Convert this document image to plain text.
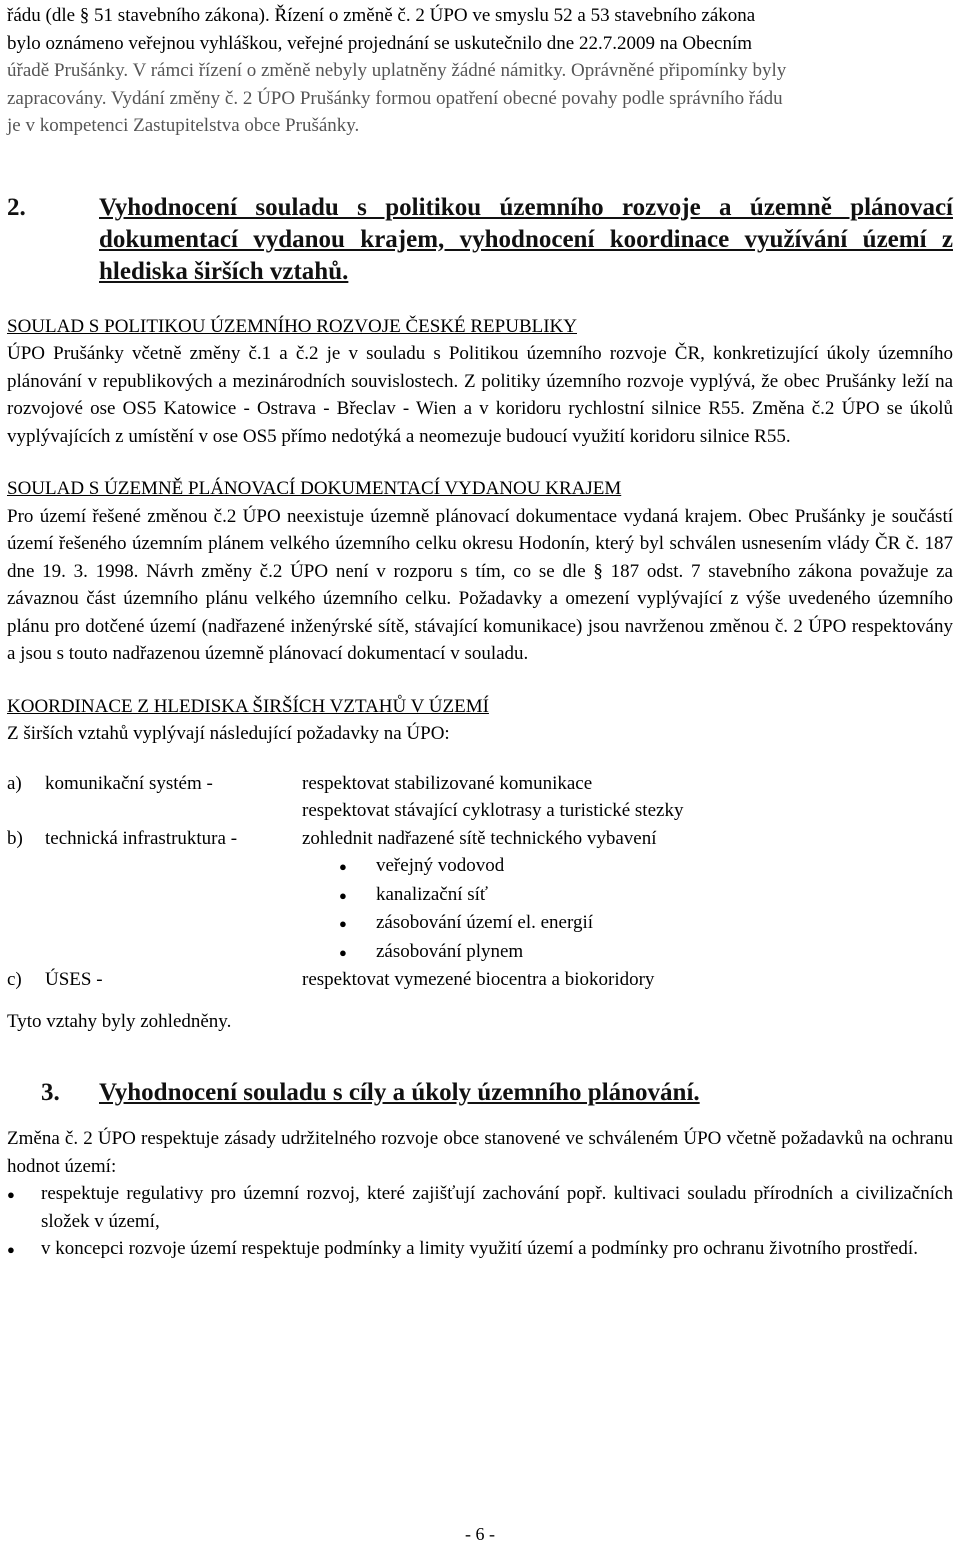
řádu (dle § 51 stavebního zákona). Řízení o změně č. 2 ÚPO ve smyslu 52 a 53 stavebního zákona
bylo oznámeno veřejnou vyhláškou, veřejné projednání se uskutečnilo dne 22.7.2009 na Obecním
úřadě Prušánky. V rámci řízení o změně nebyly uplatněny žádné námitky. Oprávněné připomínky byly
zapracovány. Vydání změny č. 2 ÚPO Prušánky formou opatření obecné povahy podle správního řádu
je v kompetenci Zastupitelstva obce Prušánky.

2.	Vyhodnocení souladu s politikou územního rozvoje a územně plánovací dokumentací vydanou krajem, vyhodnocení koordinace využívání území z hlediska širších vztahů.

SOULAD S POLITIKOU ÚZEMNÍHO ROZVOJE ČESKÉ REPUBLIKY

ÚPO Prušánky včetně změny č.1 a č.2 je v souladu s Politikou územního rozvoje ČR, konkretizující úkoly územního plánování v republikových a mezinárodních souvislostech. Z politiky územního rozvoje vyplývá, že obec Prušánky leží na rozvojové ose OS5 Katowice - Ostrava - Břeclav - Wien a v koridoru rychlostní silnice R55. Změna č.2 ÚPO se úkolů vyplývajících z umístění v ose OS5 přímo nedotýká a neomezuje budoucí využití koridoru silnice R55.

SOULAD S ÚZEMNĚ PLÁNOVACÍ DOKUMENTACÍ VYDANOU KRAJEM

Pro území řešené změnou č.2 ÚPO neexistuje územně plánovací dokumentace vydaná krajem. Obec Prušánky je součástí území řešeného územním plánem velkého územního celku okresu Hodonín, který byl schválen usnesením vlády ČR č. 187 dne 19. 3. 1998. Návrh změny č.2 ÚPO není v rozporu s tím, co se dle § 187 odst. 7 stavebního zákona považuje za závaznou část územního plánu velkého územního celku. Požadavky a omezení vyplývající z výše uvedeného územního plánu pro dotčené území (nadřazené inženýrské sítě, stávající komunikace) jsou navrženou změnou č. 2 ÚPO respektovány a jsou s touto nadřazenou územně plánovací dokumentací v souladu.

KOORDINACE Z HLEDISKA ŠIRŠÍCH VZTAHŮ V ÚZEMÍ

Z širších vztahů vyplývají následující požadavky na ÚPO:

a)	komunikační systém -	respektovat stabilizované komunikace
respektovat stávající cyklotrasy a turistické stezky
b)	technická infrastruktura -	zohlednit nadřazené sítě technického vybavení
●
veřejný vodovod
●
kanalizační síť
●
zásobování území el. energií
●
zásobování plynem
c)	ÚSES -	respektovat vymezené biocentra a biokoridory

Tyto vztahy byly zohledněny.

3.	Vyhodnocení souladu s cíly a úkoly územního plánování.

Změna č. 2 ÚPO respektuje zásady udržitelného rozvoje obce stanovené ve schváleném ÚPO včetně požadavků na ochranu hodnot území:

●
respektuje regulativy pro územní rozvoj, které zajišťují zachování popř. kultivaci souladu přírodních a civilizačních složek v území,
●
v koncepci rozvoje území respektuje podmínky a limity využití území a podmínky pro ochranu životního prostředí.
- 6 -
